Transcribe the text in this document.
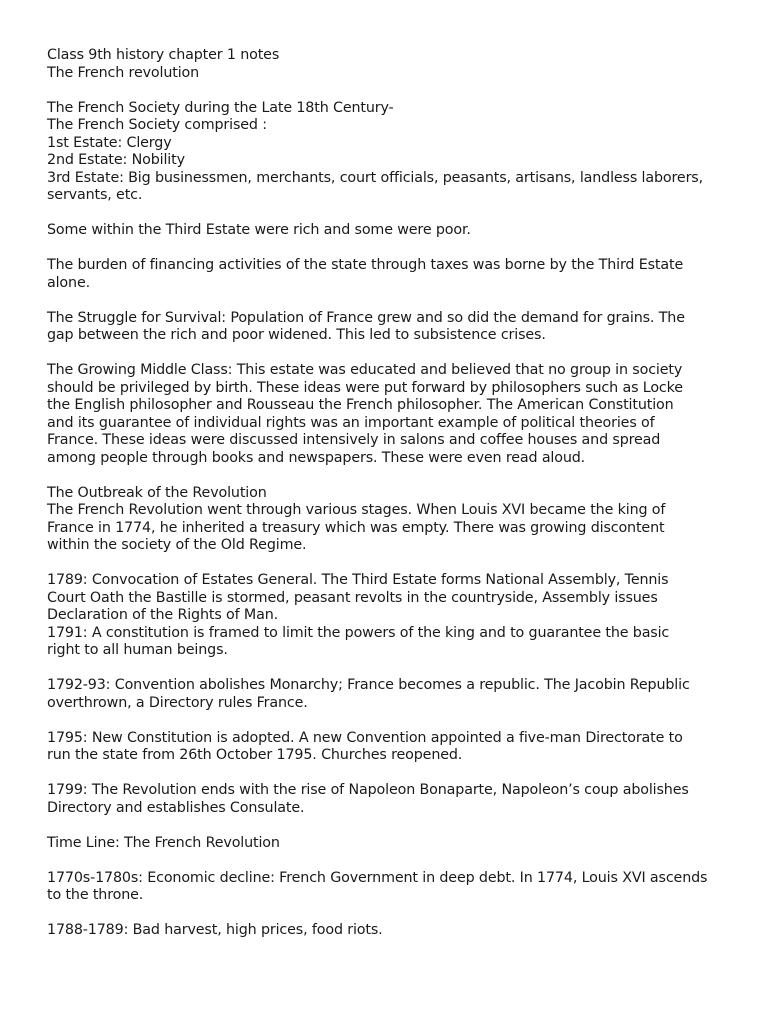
Class 9th history chapter 1 notes
The French revolution
The French Society during the Late 18th Century-
The French Society comprised :
1st Estate: Clergy
2nd Estate: Nobility
3rd Estate: Big businessmen, merchants, court officials, peasants, artisans, landless laborers,
servants, etc.
Some within the Third Estate were rich and some were poor.
The burden of financing activities of the state through taxes was borne by the Third Estate
alone.
The Struggle for Survival: Population of France grew and so did the demand for grains. The
gap between the rich and poor widened. This led to subsistence crises.
The Growing Middle Class: This estate was educated and believed that no group in society
should be privileged by birth. These ideas were put forward by philosophers such as Locke
the English philosopher and Rousseau the French philosopher. The American Constitution
and its guarantee of individual rights was an important example of political theories of
France. These ideas were discussed intensively in salons and coffee houses and spread
among people through books and newspapers. These were even read aloud.
The Outbreak of the Revolution
The French Revolution went through various stages. When Louis XVI became the king of
France in 1774, he inherited a treasury which was empty. There was growing discontent
within the society of the Old Regime.
1789: Convocation of Estates General. The Third Estate forms National Assembly, Tennis
Court Oath the Bastille is stormed, peasant revolts in the countryside, Assembly issues
Declaration of the Rights of Man.
1791: A constitution is framed to limit the powers of the king and to guarantee the basic
right to all human beings.
1792-93: Convention abolishes Monarchy; France becomes a republic. The Jacobin Republic
overthrown, a Directory rules France.
1795: New Constitution is adopted. A new Convention appointed a five-man Directorate to
run the state from 26th October 1795. Churches reopened.
1799: The Revolution ends with the rise of Napoleon Bonaparte, Napoleon’s coup abolishes
Directory and establishes Consulate.
Time Line: The French Revolution
1770s-1780s: Economic decline: French Government in deep debt. In 1774, Louis XVI ascends
to the throne.
1788-1789: Bad harvest, high prices, food riots.
